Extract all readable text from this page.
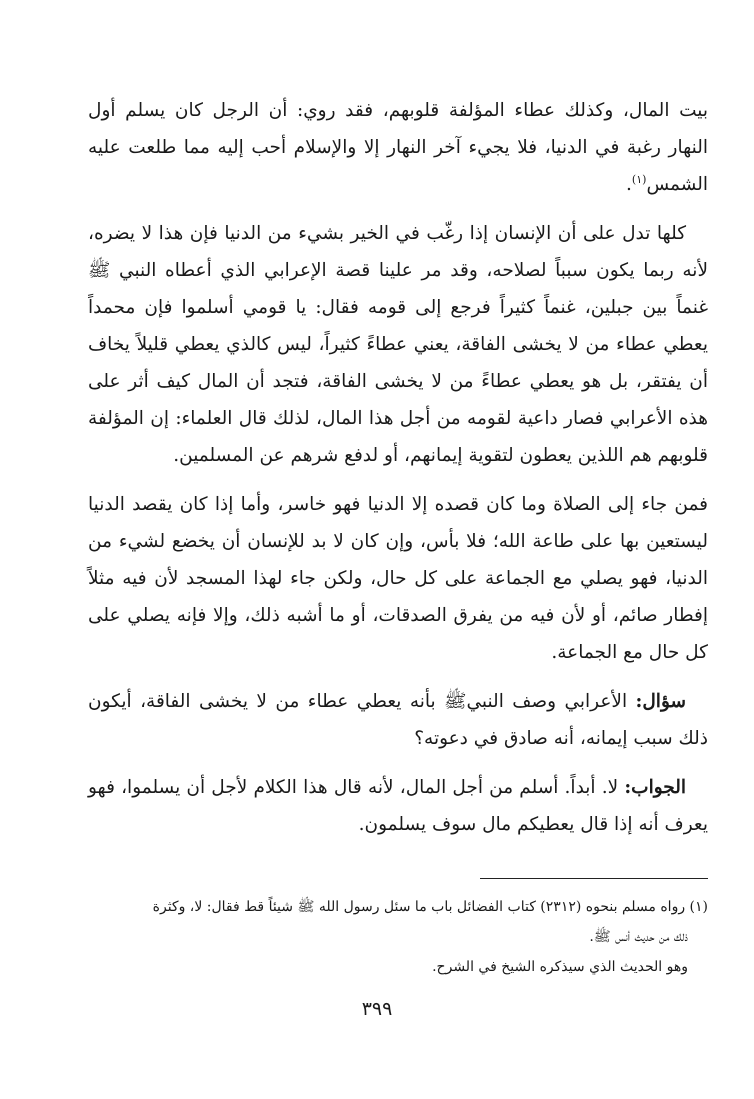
بيت المال، وكذلك عطاء المؤلفة قلوبهم، فقد روي: أن الرجل كان يسلم أول النهار رغبة في الدنيا، فلا يجيء آخر النهار إلا والإسلام أحب إليه مما طلعت عليه الشمس$^{(١)}$.

كلها تدل على أن الإنسان إذا رغّب في الخير بشيء من الدنيا فإن هذا لا يضره، لأنه ربما يكون سبباً لصلاحه، وقد مر علينا قصة الإعرابي الذي أعطاه النبي ﷺ غنماً بين جبلين، غنماً كثيراً فرجع إلى قومه فقال: يا قومي أسلموا فإن محمداً يعطي عطاء من لا يخشى الفاقة، يعني عطاءً كثيراً، ليس كالذي يعطي قليلاً يخاف أن يفتقر، بل هو يعطي عطاءً من لا يخشى الفاقة، فتجد أن المال كيف أثر على هذه الأعرابي فصار داعية لقومه من أجل هذا المال، لذلك قال العلماء: إن المؤلفة قلوبهم هم اللذين يعطون لتقوية إيمانهم، أو لدفع شرهم عن المسلمين.

فمن جاء إلى الصلاة وما كان قصده إلا الدنيا فهو خاسر، وأما إذا كان يقصد الدنيا ليستعين بها على طاعة الله؛ فلا بأس، وإن كان لا بد للإنسان أن يخضع لشيء من الدنيا، فهو يصلي مع الجماعة على كل حال، ولكن جاء لهذا المسجد لأن فيه مثلاً إفطار صائم، أو لأن فيه من يفرق الصدقات، أو ما أشبه ذلك، وإلا فإنه يصلي على كل حال مع الجماعة.

سؤال: الأعرابي وصف النبيﷺ بأنه يعطي عطاء من لا يخشى الفاقة، أيكون ذلك سبب إيمانه، أنه صادق في دعوته؟

الجواب: لا. أبداً. أسلم من أجل المال، لأنه قال هذا الكلام لأجل أن يسلموا، فهو يعرف أنه إذا قال يعطيكم مال سوف يسلمون.

(١) رواه مسلم بنحوه (٢٣١٢) كتاب الفضائل باب ما سئل رسول الله ﷺ شيئاً قط فقال: لا، وكثرة

ذلك من حديث أنس ﷺ.

وهو الحديث الذي سيذكره الشيخ في الشرح.

٣٩٩
